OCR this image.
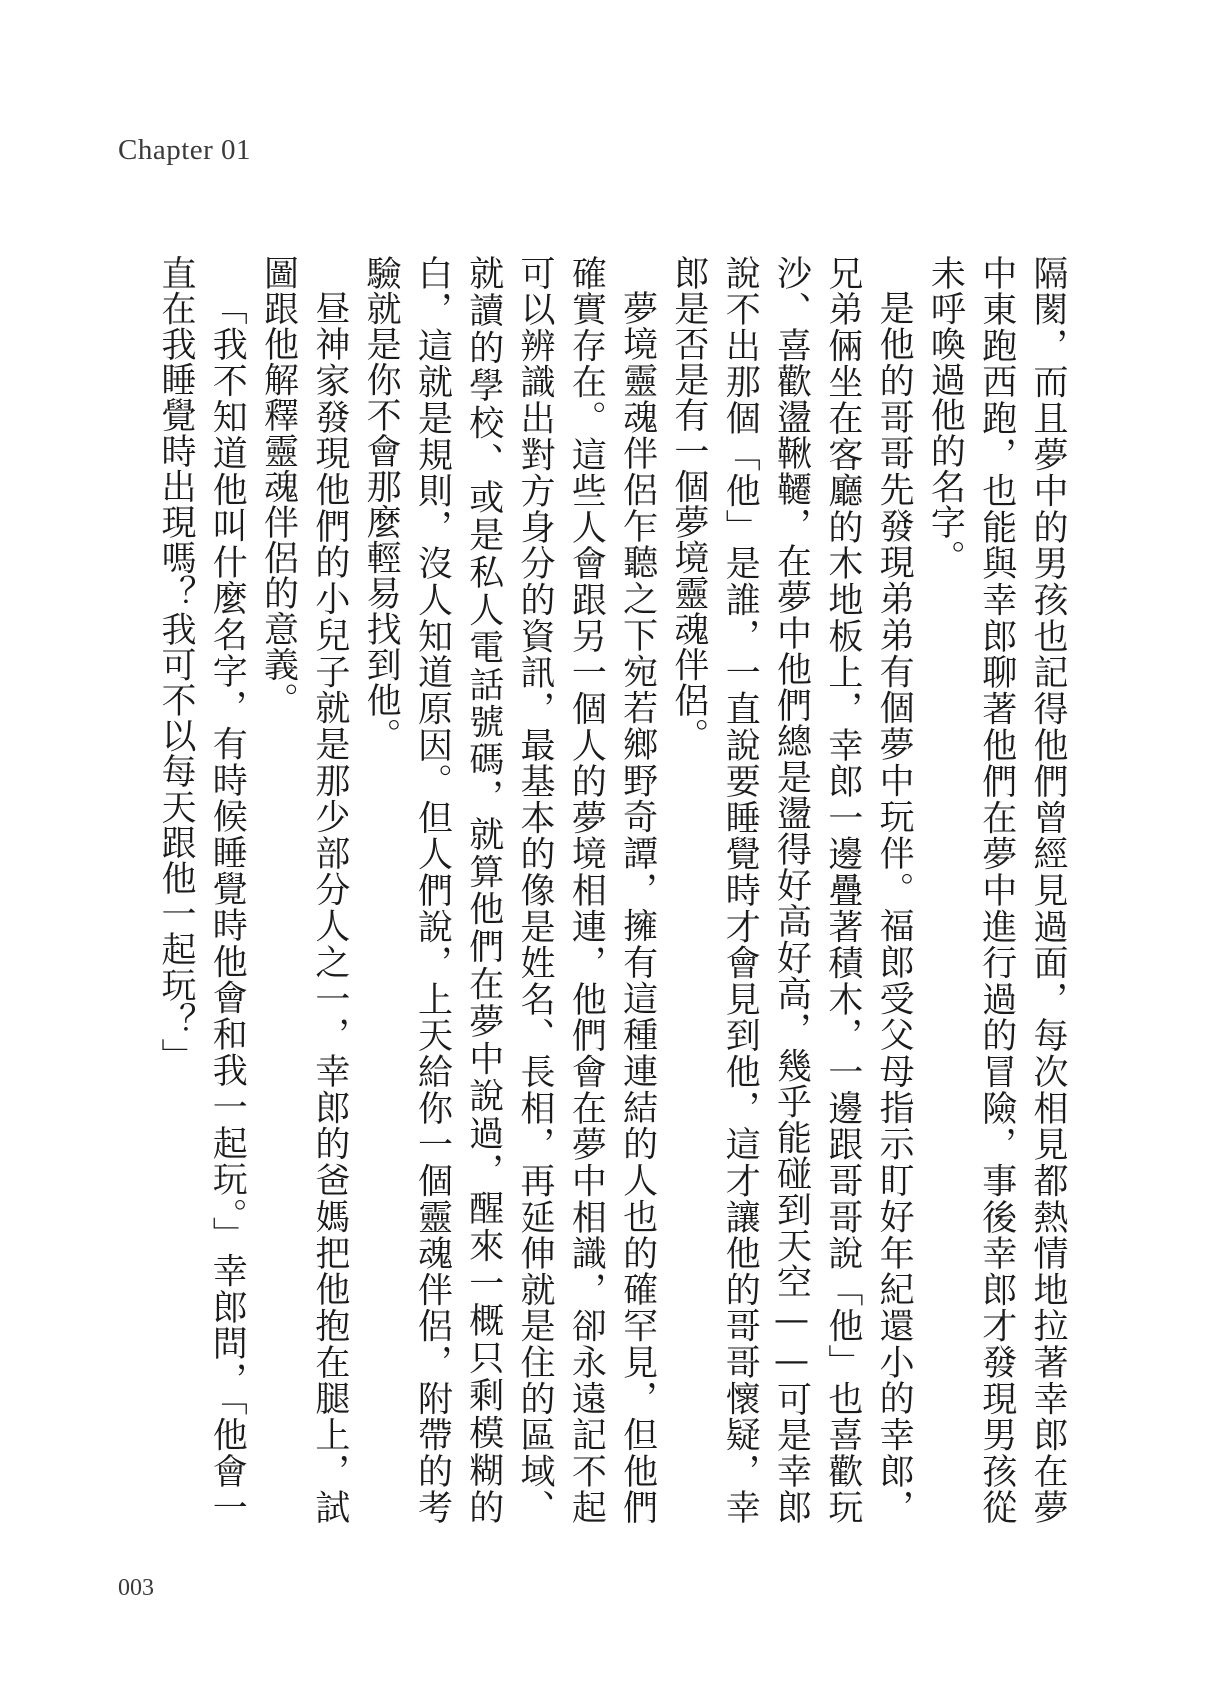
Chapter 01

隔閡，而且夢中的男孩也記得他們曾經見過面，每次相見都熱情地拉著幸郎在夢中東跑西跑，也能與幸郎聊著他們在夢中進行過的冒險，事後幸郎才發現男孩從未呼喚過他的名字。

是他的哥哥先發現弟弟有個夢中玩伴。福郎受父母指示盯好年紀還小的幸郎，兄弟倆坐在客廳的木地板上，幸郎一邊疊著積木，一邊跟哥哥說「他」也喜歡玩沙、喜歡盪鞦韆，在夢中他們總是盪得好高好高，幾乎能碰到天空——可是幸郎說不出那個「他」是誰，一直說要睡覺時才會見到他，這才讓他的哥哥懷疑，幸郎是否是有一個夢境靈魂伴侶。

夢境靈魂伴侶乍聽之下宛若鄉野奇譚，擁有這種連結的人也的確罕見，但他們確實存在。這些人會跟另一個人的夢境相連，他們會在夢中相識，卻永遠記不起可以辨識出對方身分的資訊，最基本的像是姓名、長相，再延伸就是住的區域、就讀的學校、或是私人電話號碼，就算他們在夢中說過，醒來一概只剩模糊的白，這就是規則，沒人知道原因。但人們說，上天給你一個靈魂伴侶，附帶的考驗就是你不會那麼輕易找到他。

昼神家發現他們的小兒子就是那少部分人之一，幸郎的爸媽把他抱在腿上，試圖跟他解釋靈魂伴侶的意義。

「我不知道他叫什麼名字，有時候睡覺時他會和我一起玩。」幸郎問，「他會一直在我睡覺時出現嗎？我可不以每天跟他一起玩？」

003
